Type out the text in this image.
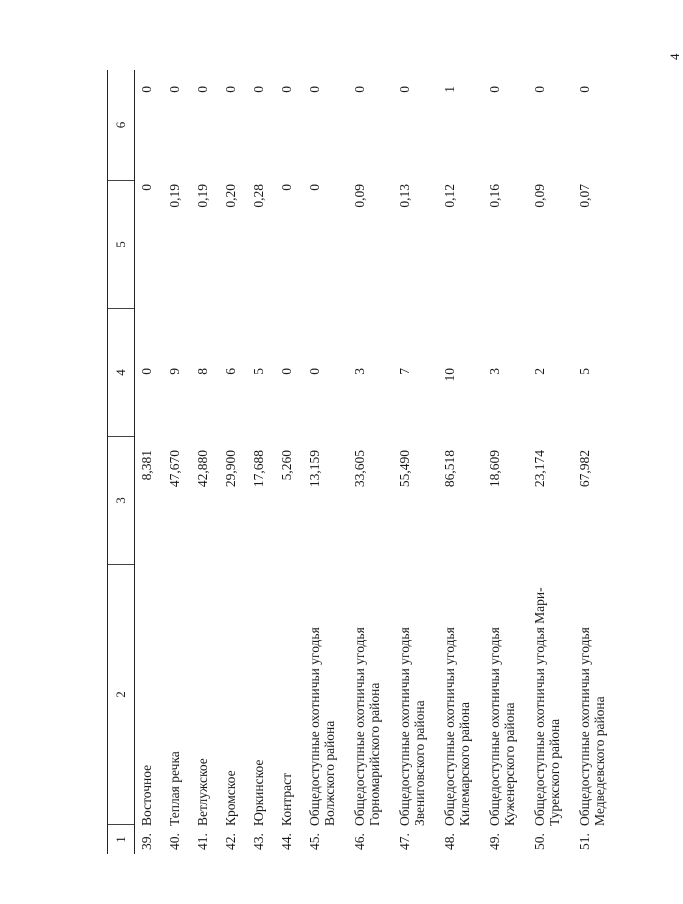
4
1
2
3
4
5
6
39.
Восточное
8,381
0
0
0
40.
Теплая речка
47,670
9
0,19
0
41.
Ветлужское
42,880
8
0,19
0
42.
Кромское
29,900
6
0,20
0
43.
Юркинское
17,688
5
0,28
0
44.
Контраст
5,260
0
0
0
45.
Общедоступные охотничьи угодья Волжского района
13,159
0
0
0
46.
Общедоступные охотничьи угодья Горномарийского района
33,605
3
0,09
0
47.
Общедоступные охотничьи угодья Звениговского района
55,490
7
0,13
0
48.
Общедоступные охотничьи угодья Килемарского района
86,518
10
0,12
1
49.
Общедоступные охотничьи угодья Куженерского района
18,609
3
0,16
0
50.
Общедоступные охотничьи угодья Мари-Турекского района
23,174
2
0,09
0
51.
Общедоступные охотничьи угодья Медведевского района
67,982
5
0,07
0
